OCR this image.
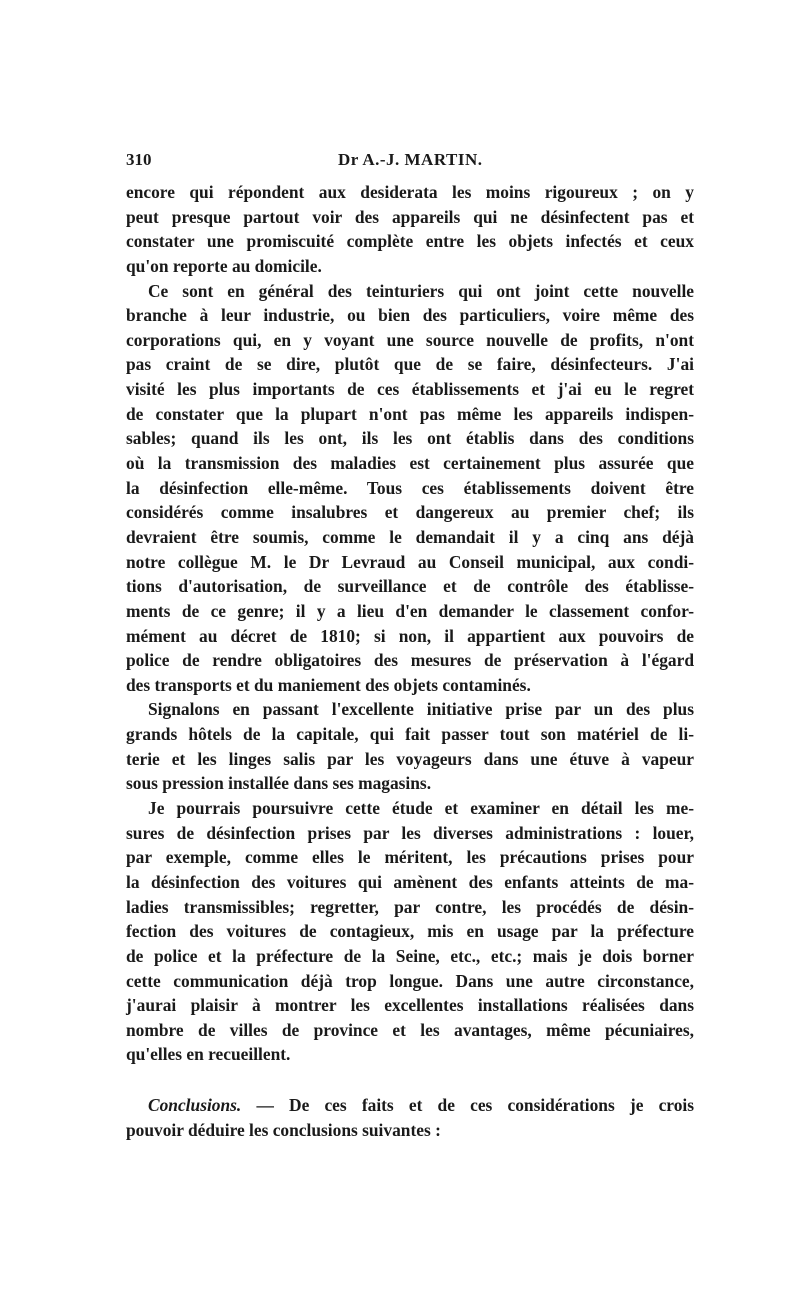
310	Dr A.-J. MARTIN.
encore qui répondent aux desiderata les moins rigoureux ; on y
peut presque partout voir des appareils qui ne désinfectent pas et
constater une promiscuité complète entre les objets infectés et ceux
qu'on reporte au domicile.
Ce sont en général des teinturiers qui ont joint cette nouvelle
branche à leur industrie, ou bien des particuliers, voire même des
corporations qui, en y voyant une source nouvelle de profits, n'ont
pas craint de se dire, plutôt que de se faire, désinfecteurs. J'ai
visité les plus importants de ces établissements et j'ai eu le regret
de constater que la plupart n'ont pas même les appareils indispen-
sables; quand ils les ont, ils les ont établis dans des conditions
où la transmission des maladies est certainement plus assurée que
la désinfection elle-même. Tous ces établissements doivent être
considérés comme insalubres et dangereux au premier chef; ils
devraient être soumis, comme le demandait il y a cinq ans déjà
notre collègue M. le Dr Levraud au Conseil municipal, aux condi-
tions d'autorisation, de surveillance et de contrôle des établisse-
ments de ce genre; il y a lieu d'en demander le classement confor-
mément au décret de 1810; si non, il appartient aux pouvoirs de
police de rendre obligatoires des mesures de préservation à l'égard
des transports et du maniement des objets contaminés.
Signalons en passant l'excellente initiative prise par un des plus
grands hôtels de la capitale, qui fait passer tout son matériel de li-
terie et les linges salis par les voyageurs dans une étuve à vapeur
sous pression installée dans ses magasins.
Je pourrais poursuivre cette étude et examiner en détail les me-
sures de désinfection prises par les diverses administrations : louer,
par exemple, comme elles le méritent, les précautions prises pour
la désinfection des voitures qui amènent des enfants atteints de ma-
ladies transmissibles; regretter, par contre, les procédés de désin-
fection des voitures de contagieux, mis en usage par la préfecture
de police et la préfecture de la Seine, etc., etc.; mais je dois borner
cette communication déjà trop longue. Dans une autre circonstance,
j'aurai plaisir à montrer les excellentes installations réalisées dans
nombre de villes de province et les avantages, même pécuniaires,
qu'elles en recueillent.
Conclusions. — De ces faits et de ces considérations je crois
pouvoir déduire les conclusions suivantes :
